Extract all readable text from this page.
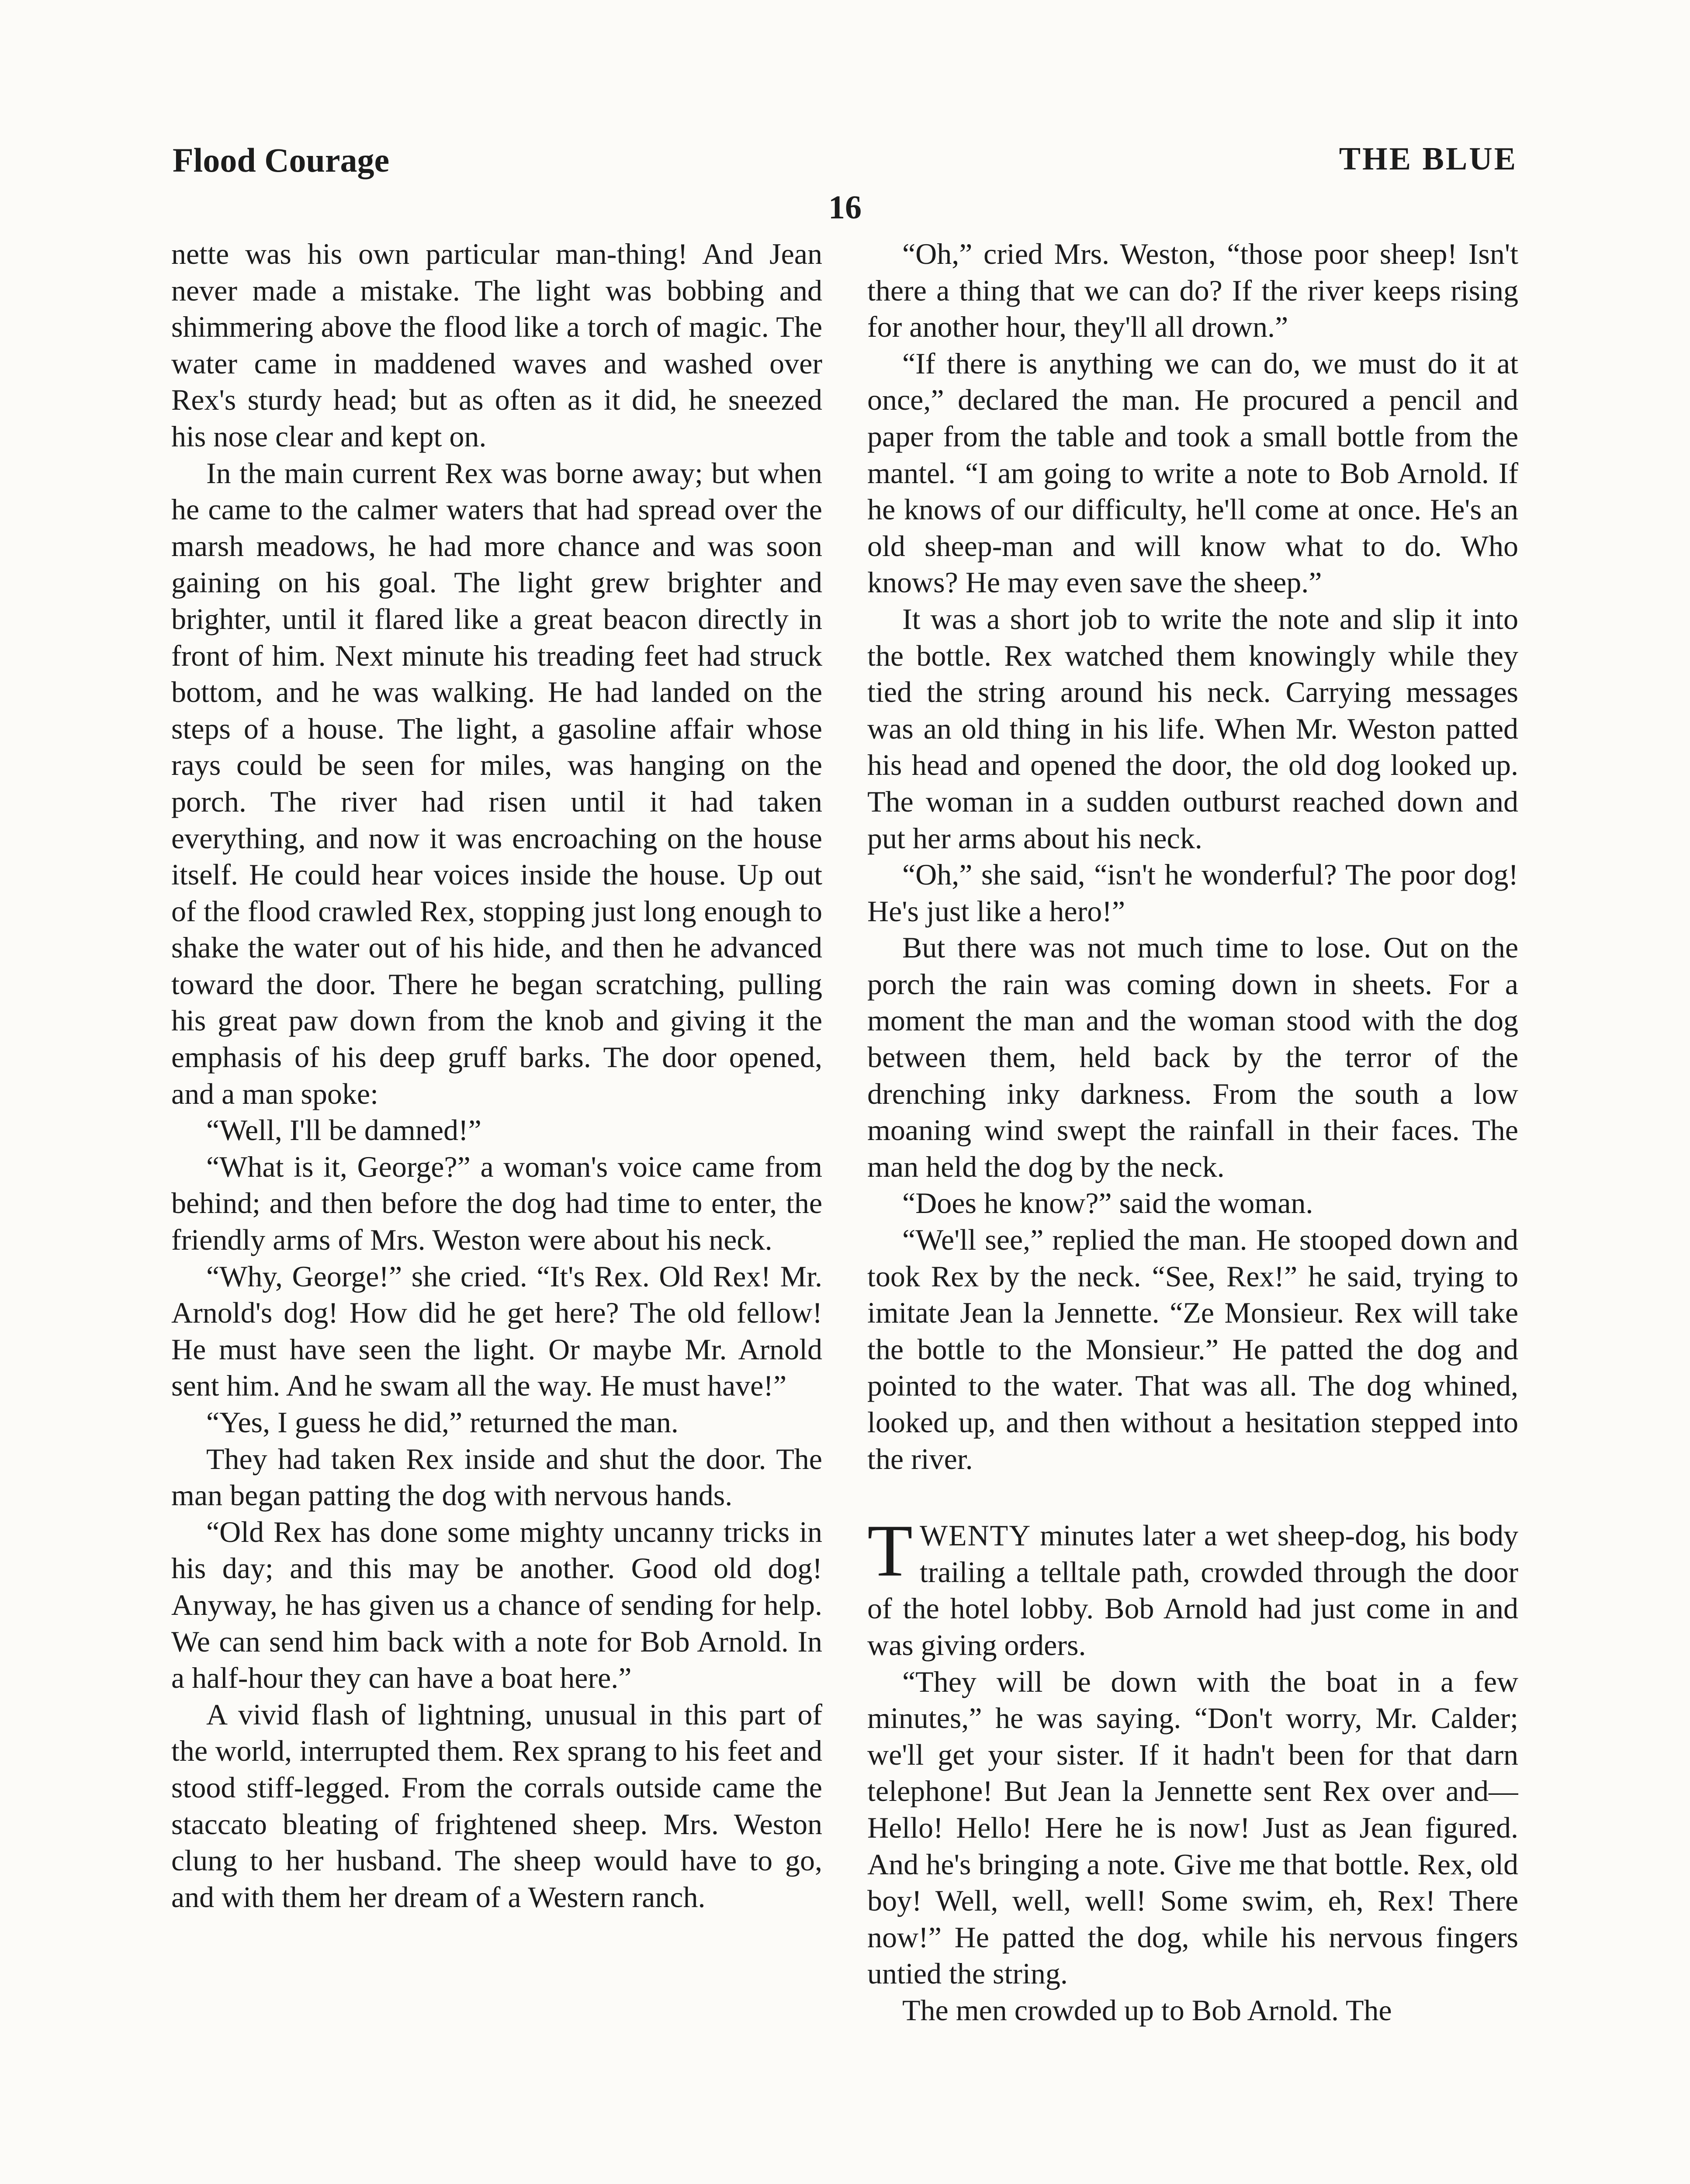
Flood Courage	THE BLUE
16

nette was his own particular man-thing! And Jean never made a mistake. The light was bobbing and shimmering above the flood like a torch of magic. The water came in maddened waves and washed over Rex's sturdy head; but as often as it did, he sneezed his nose clear and kept on.

In the main current Rex was borne away; but when he came to the calmer waters that had spread over the marsh meadows, he had more chance and was soon gaining on his goal. The light grew brighter and brighter, until it flared like a great beacon directly in front of him. Next minute his treading feet had struck bottom, and he was walking. He had landed on the steps of a house. The light, a gasoline affair whose rays could be seen for miles, was hanging on the porch. The river had risen until it had taken everything, and now it was encroaching on the house itself. He could hear voices inside the house. Up out of the flood crawled Rex, stopping just long enough to shake the water out of his hide, and then he advanced toward the door. There he began scratching, pulling his great paw down from the knob and giving it the emphasis of his deep gruff barks. The door opened, and a man spoke:

“Well, I'll be damned!”

“What is it, George?” a woman's voice came from behind; and then before the dog had time to enter, the friendly arms of Mrs. Weston were about his neck.

“Why, George!” she cried. “It's Rex. Old Rex! Mr. Arnold's dog! How did he get here? The old fellow! He must have seen the light. Or maybe Mr. Arnold sent him. And he swam all the way. He must have!”

“Yes, I guess he did,” returned the man.

They had taken Rex inside and shut the door. The man began patting the dog with nervous hands.

“Old Rex has done some mighty uncanny tricks in his day; and this may be another. Good old dog! Anyway, he has given us a chance of sending for help. We can send him back with a note for Bob Arnold. In a half-hour they can have a boat here.”

A vivid flash of lightning, unusual in this part of the world, interrupted them. Rex sprang to his feet and stood stiff-legged. From the corrals outside came the staccato bleating of frightened sheep. Mrs. Weston clung to her husband. The sheep would have to go, and with them her dream of a Western ranch.

“Oh,” cried Mrs. Weston, “those poor sheep! Isn't there a thing that we can do? If the river keeps rising for another hour, they'll all drown.”

“If there is anything we can do, we must do it at once,” declared the man. He procured a pencil and paper from the table and took a small bottle from the mantel. “I am going to write a note to Bob Arnold. If he knows of our difficulty, he'll come at once. He's an old sheep-man and will know what to do. Who knows? He may even save the sheep.”

It was a short job to write the note and slip it into the bottle. Rex watched them knowingly while they tied the string around his neck. Carrying messages was an old thing in his life. When Mr. Weston patted his head and opened the door, the old dog looked up. The woman in a sudden outburst reached down and put her arms about his neck.

“Oh,” she said, “isn't he wonderful? The poor dog! He's just like a hero!”

But there was not much time to lose. Out on the porch the rain was coming down in sheets. For a moment the man and the woman stood with the dog between them, held back by the terror of the drenching inky darkness. From the south a low moaning wind swept the rainfall in their faces. The man held the dog by the neck.

“Does he know?” said the woman.

“We'll see,” replied the man. He stooped down and took Rex by the neck. “See, Rex!” he said, trying to imitate Jean la Jennette. “Ze Monsieur. Rex will take the bottle to the Monsieur.” He patted the dog and pointed to the water. That was all. The dog whined, looked up, and then without a hesitation stepped into the river.

TWENTY minutes later a wet sheep-dog, his body trailing a telltale path, crowded through the door of the hotel lobby. Bob Arnold had just come in and was giving orders.

“They will be down with the boat in a few minutes,” he was saying. “Don't worry, Mr. Calder; we'll get your sister. If it hadn't been for that darn telephone! But Jean la Jennette sent Rex over and—Hello! Hello! Here he is now! Just as Jean figured. And he's bringing a note. Give me that bottle. Rex, old boy! Well, well, well! Some swim, eh, Rex! There now!” He patted the dog, while his nervous fingers untied the string.

The men crowded up to Bob Arnold. The
